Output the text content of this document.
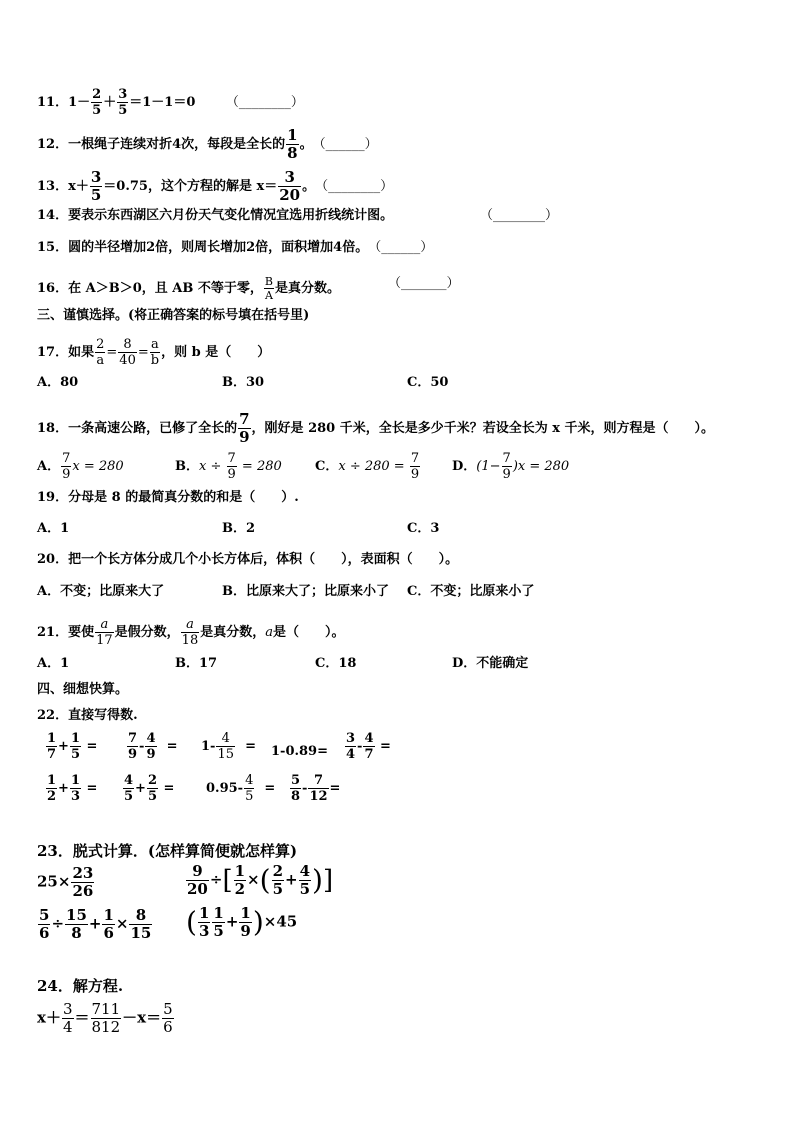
11．$1- \frac{2}{5} + \frac{3}{5} =1-1=0$ （________）
12．一根绳子连续对折4次，每段是全长的 $\frac{1}{8}$ 。（______）
13．$x+ \frac{3}{5} =0.75$，这个方程的解是 $x= \frac{3}{20}$ 。（________）
14．要表示东西湖区六月份天气变化情况宜选用折线统计图。	（________）
15．圆的半径增加2倍，则周长增加2倍，面积增加4倍。（______）
16．在 A＞B＞0，且 AB 不等于零， $\frac{B}{A}$ 是真分数。	（_______）
三、谨慎选择。(将正确答案的标号填在括号里)
17．如果 $\frac{2}{a} = \frac{8}{40} = \frac{a}{b}$ ，则 b 是（　　）
A．80	B．30	C．50
18．一条高速公路，已修了全长的 $\frac{7}{9}$ ，刚好是 280 千米，全长是多少千米？若设全长为 x 千米，则方程是（　　）。
A． $\frac{7}{9}$ x = 280	B．$x \div \frac{7}{9} = 280$	C．$x \div 280 = \frac{7}{9}$ D．$(1- \frac{7}{9} )x = 280$
19．分母是 8 的最简真分数的和是（　　）.
A．1	B．2	C．3
20．把一个长方体分成几个小长方体后，体积（　　），表面积（　　）。
A．不变；比原来大了	B．比原来大了；比原来小了 C．不变；比原来小了
21．要使 $\frac{a}{17}$ 是假分数， $\frac{a}{18}$ 是真分数，a是（　　）。
A．1	B．17	C．18	D．不能确定
四、细想快算。
22．直接写得数.
$\frac{1}{7} + \frac{1}{5} = \frac{7}{9} - \frac{4}{9} = 1- \frac{4}{15} = 1-0.89= \frac{3}{4} - \frac{4}{7}$ =
$\frac{1}{2} + \frac{1}{3} = \frac{4}{5} + \frac{2}{5} = 0.95- \frac{4}{5} = \frac{5}{8} - \frac{7}{12}$ =
23．脱式计算．(怎样算简便就怎样算)
$25\times \frac{23}{26}$	$\frac{9}{20}$ ÷[ $\frac{1}{2}$ ×( $\frac{2}{5} + \frac{4}{5}$ )]
$\frac{5}{6} \div \frac{15}{8} + \frac{1}{6} \times \frac{8}{15}$ ( $\frac{1}{3} \frac{1}{5} + \frac{1}{9} )\times 45$
24．解方程.
$x+ \frac{3}{4} = \frac{711}{812} -x= \frac{5}{6}$
